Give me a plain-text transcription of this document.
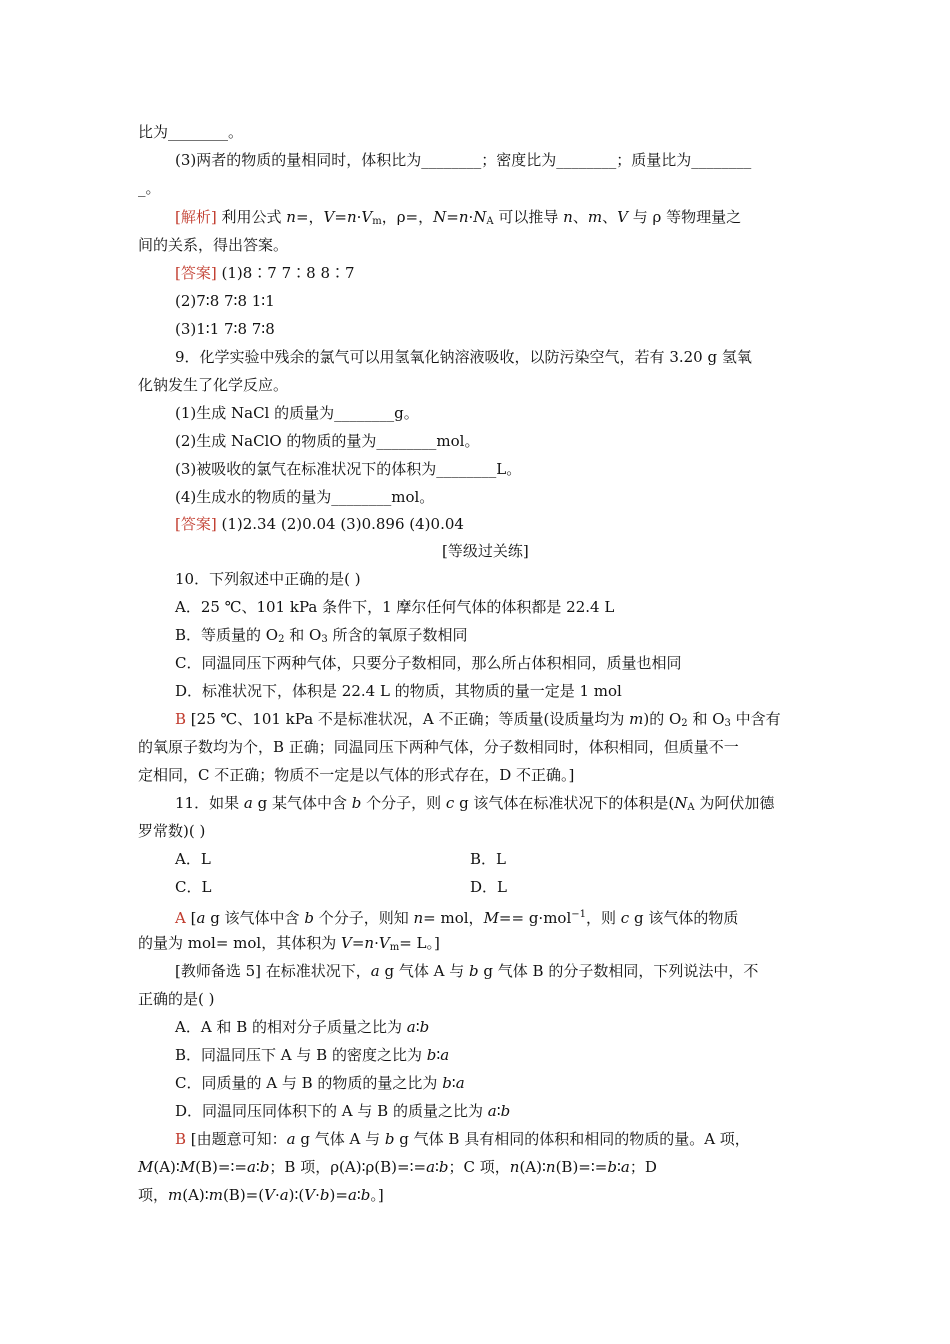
比为________。
(3)两者的物质的量相同时，体积比为________；密度比为________；质量比为________
_。
[解析] 利用公式 n=，$V=n\cdot V_m$，ρ=，$N=n\cdot N_A$ 可以推导 n、m、V 与 ρ 等物理量之
间的关系，得出答案。
[答案] (1)8∶7 7∶8 8∶7
(2)7∶8 7∶8 1∶1
(3)1∶1 7∶8 7∶8
9．化学实验中残余的氯气可以用氢氧化钠溶液吸收，以防污染空气，若有 3.20 g 氢氧
化钠发生了化学反应。
(1)生成 NaCl 的质量为________g。
(2)生成 NaClO 的物质的量为________mol。
(3)被吸收的氯气在标准状况下的体积为________L。
(4)生成水的物质的量为________mol。
[答案] (1)2.34 (2)0.04 (3)0.896 (4)0.04
[等级过关练]
10．下列叙述中正确的是( )
A．25 ℃、101 kPa 条件下，1 摩尔任何气体的体积都是 22.4 L
B．等质量的 $O_2$ 和 $O_3$ 所含的氧原子数相同
C．同温同压下两种气体，只要分子数相同，那么所占体积相同，质量也相同
D．标准状况下，体积是 22.4 L 的物质，其物质的量一定是 1 mol
B [25 ℃、101 kPa 不是标准状况，A 不正确；等质量(设质量均为 m)的 $O_2$ 和 $O_3$ 中含有
的氧原子数均为个，B 正确；同温同压下两种气体，分子数相同时，体积相同，但质量不一
定相同，C 不正确；物质不一定是以气体的形式存在，D 不正确。]
11．如果 a g 某气体中含 b 个分子，则 c g 该气体在标准状况下的体积是($N_A$ 为阿伏加德
罗常数)( )
A．L	B．L
C．L	D．L
A [a g 该气体中含 b 个分子，则知 n= mol，M== g·mol$^{-1}$，则 c g 该气体的物质
的量为 mol= mol，其体积为 $V=n\cdot V_m= L$。]
[教师备选 5] 在标准状况下，a g 气体 A 与 b g 气体 B 的分子数相同，下列说法中，不
正确的是( )
A．A 和 B 的相对分子质量之比为 a∶b
B．同温同压下 A 与 B 的密度之比为 b∶a
C．同质量的 A 与 B 的物质的量之比为 b∶a
D．同温同压同体积下的 A 与 B 的质量之比为 a∶b
B [由题意可知：a g 气体 A 与 b g 气体 B 具有相同的体积和相同的物质的量。A 项，
M(A)∶M(B)=∶=a∶b；B 项，ρ(A)∶ρ(B)=∶=a∶b；C 项，n(A)∶n(B)=∶=b∶a；D
项，m(A)∶m(B)=(V·a)∶(V·b)=a∶b。]
